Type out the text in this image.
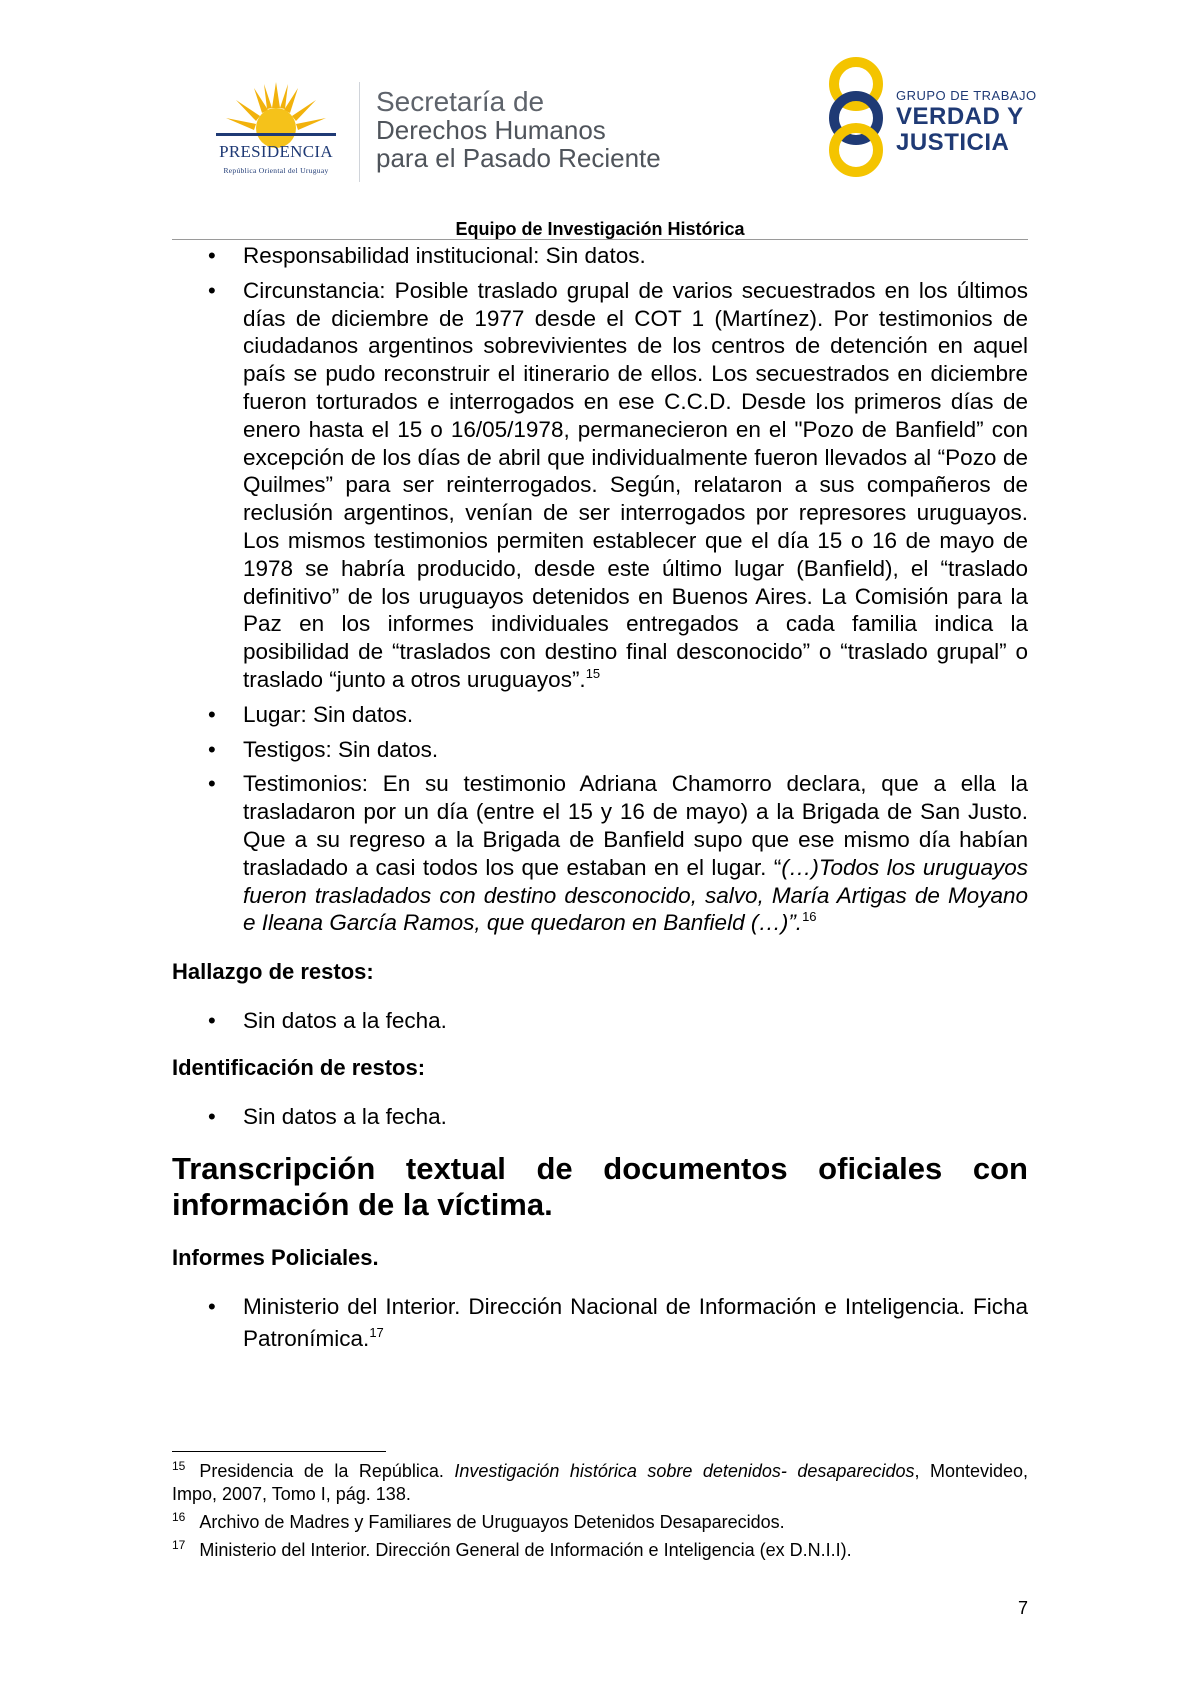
PRESIDENCIA
República Oriental del Uruguay
Secretaría de
Derechos Humanos
para el Pasado Reciente
GRUPO DE TRABAJO
VERDAD Y
JUSTICIA
Equipo de Investigación Histórica
• Responsabilidad institucional: Sin datos.
• Circunstancia: Posible traslado grupal de varios secuestrados en los últimos días de diciembre de 1977 desde el COT 1 (Martínez). Por testimonios de ciudadanos argentinos sobrevivientes de los centros de detención en aquel país se pudo reconstruir el itinerario de ellos. Los secuestrados en diciembre fueron torturados e interrogados en ese C.C.D. Desde los primeros días de enero hasta el 15 o 16/05/1978, permanecieron en el "Pozo de Banfield” con excepción de los días de abril que individualmente fueron llevados al “Pozo de Quilmes” para ser reinterrogados. Según, relataron a sus compañeros de reclusión argentinos, venían de ser interrogados por represores uruguayos. Los mismos testimonios permiten establecer que el día 15 o 16 de mayo de 1978 se habría producido, desde este último lugar (Banfield), el “traslado definitivo” de los uruguayos detenidos en Buenos Aires. La Comisión para la Paz en los informes individuales entregados a cada familia indica la posibilidad de “traslados con destino final desconocido” o “traslado grupal” o traslado “junto a otros uruguayos”.$^{15}$
• Lugar: Sin datos.
• Testigos: Sin datos.
• Testimonios: En su testimonio Adriana Chamorro declara, que a ella la trasladaron por un día (entre el 15 y 16 de mayo) a la Brigada de San Justo. Que a su regreso a la Brigada de Banfield supo que ese mismo día habían trasladado a casi todos los que estaban en el lugar. “(…)Todos los uruguayos fueron trasladados con destino desconocido, salvo, María Artigas de Moyano e Ileana García Ramos, que quedaron en Banfield (…)”.$^{16}$
Hallazgo de restos:
• Sin datos a la fecha.
Identificación de restos:
• Sin datos a la fecha.
Transcripción textual de documentos oficiales con información de la víctima.
Informes Policiales.
• Ministerio del Interior. Dirección Nacional de Información e Inteligencia. Ficha Patronímica.$^{17}$
$^{15}$ Presidencia de la República. Investigación histórica sobre detenidos- desaparecidos, Montevideo, Impo, 2007, Tomo I, pág. 138.
$^{16}$ Archivo de Madres y Familiares de Uruguayos Detenidos Desaparecidos.
$^{17}$ Ministerio del Interior. Dirección General de Información e Inteligencia (ex D.N.I.I).
7
